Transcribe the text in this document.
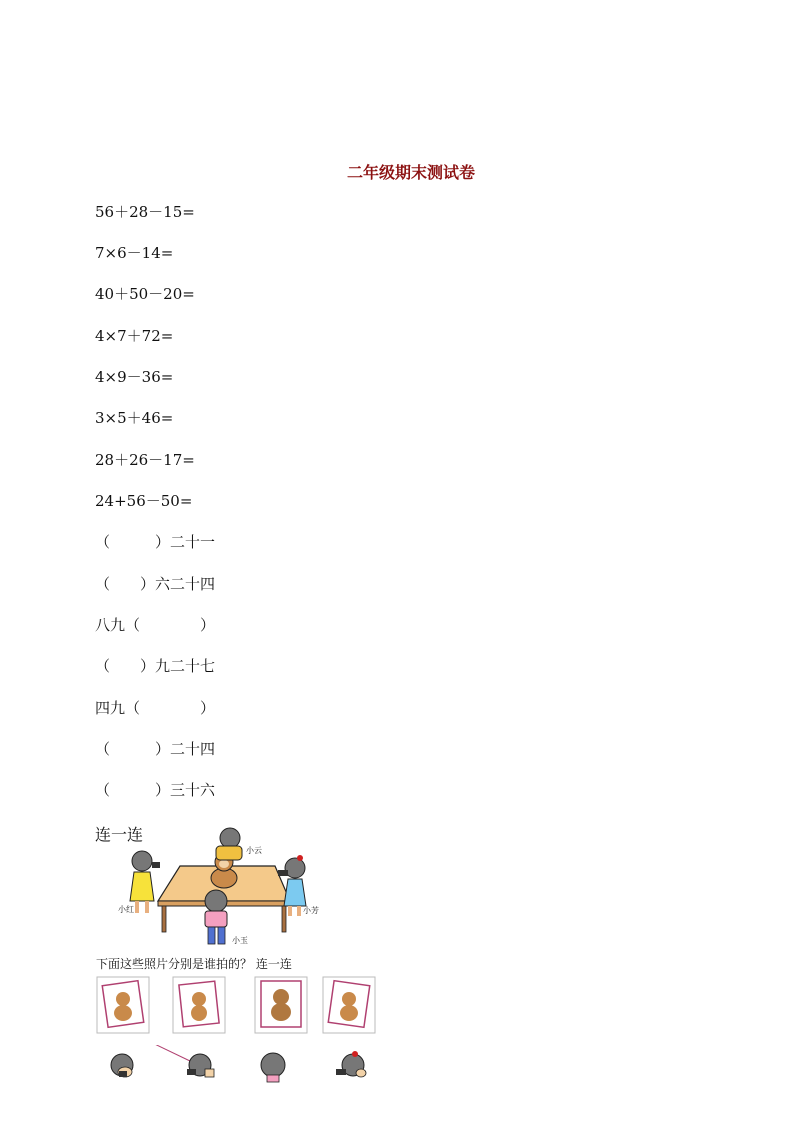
二年级期末测试卷
56＋28－15=
7×6－14=
40＋50－20=
4×7＋72=
4×9－36=
3×5＋46=
28＋26－17=
24+56－50=
（　　　）二十一
（　　）六二十四
八九（　　　　）
（　　）九二十七
四九（　　　　）
（　　　）二十四
（　　　）三十六
连一连
小云
小红	小芳
小玉
下面这些照片分别是谁拍的？ 连一连
